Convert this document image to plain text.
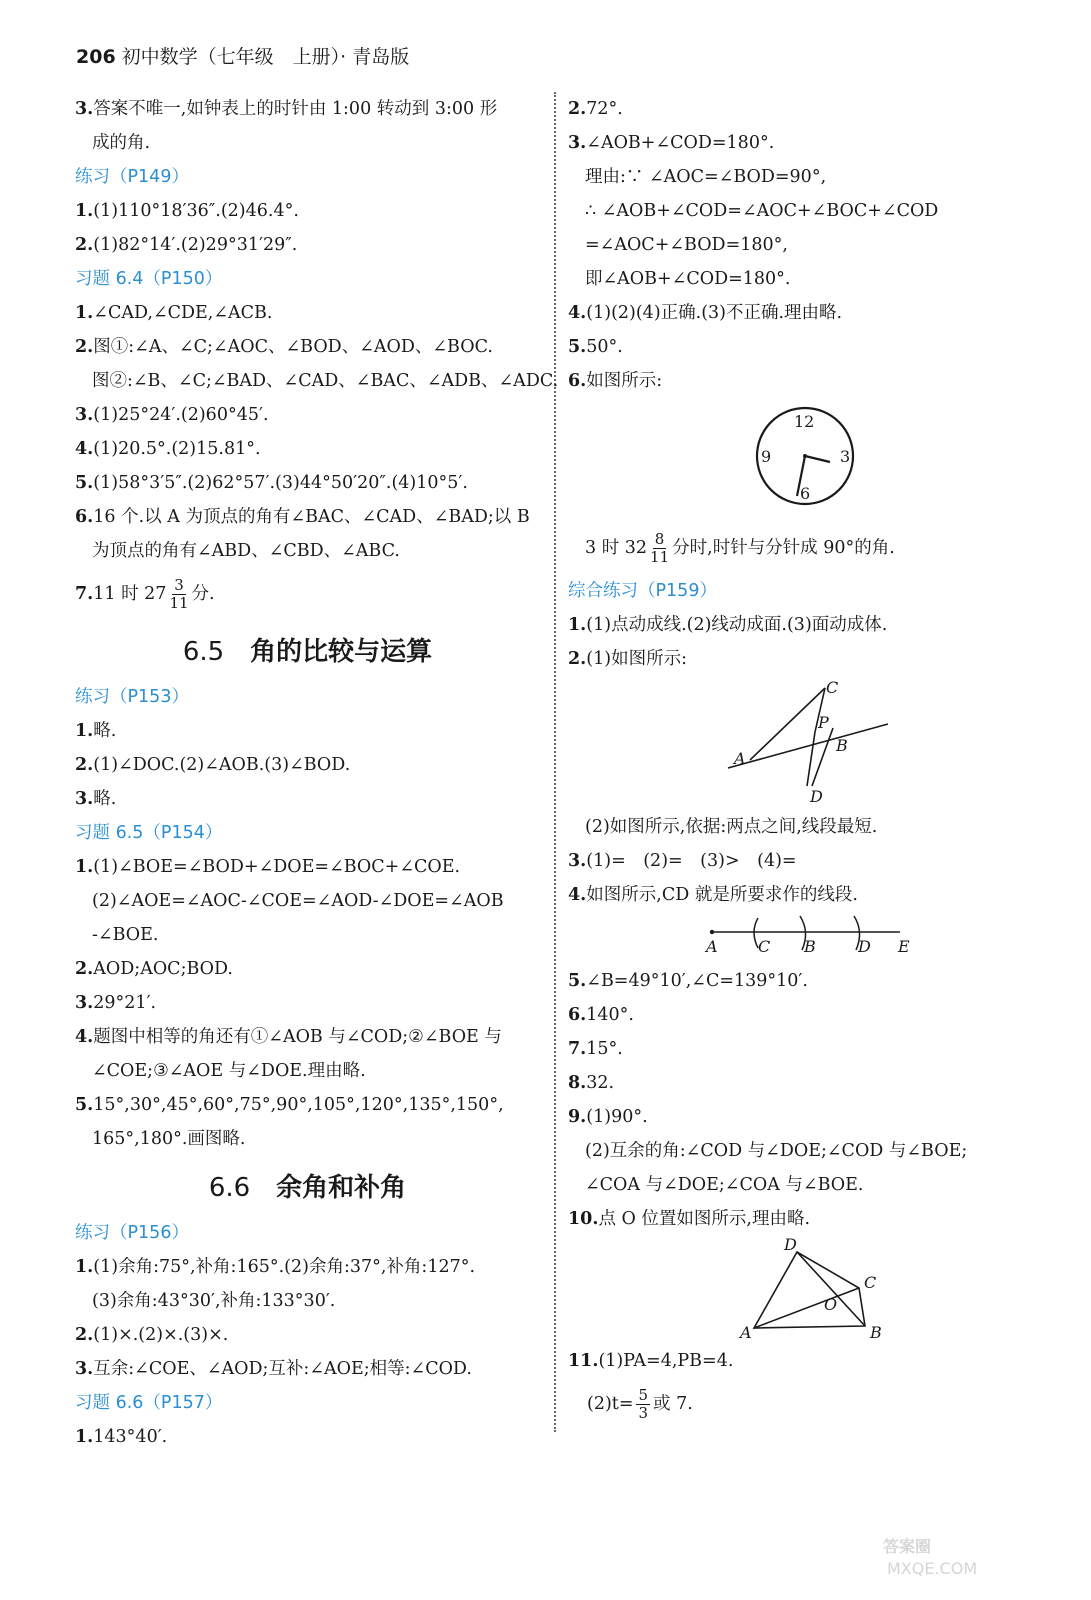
206 初中数学（七年级　上册）· 青岛版
3.答案不唯一,如钟表上的时针由 1:00 转动到 3:00 形
成的角.
练习（P149）
1.(1)110°18′36″.(2)46.4°.
2.(1)82°14′.(2)29°31′29″.
习题 6.4（P150）
1.∠CAD,∠CDE,∠ACB.
2.图①:∠A、∠C;∠AOC、∠BOD、∠AOD、∠BOC.
图②:∠B、∠C;∠BAD、∠CAD、∠BAC、∠ADB、∠ADC.
3.(1)25°24′.(2)60°45′.
4.(1)20.5°.(2)15.81°.
5.(1)58°3′5″.(2)62°57′.(3)44°50′20″.(4)10°5′.
6.16 个.以 A 为顶点的角有∠BAC、∠CAD、∠BAD;以 B
为顶点的角有∠ABD、∠CBD、∠ABC.
7.11 时 $27 \frac{3}{11}$ 分.
6.5 角的比较与运算
练习（P153）
1.略.
2.(1)∠DOC.(2)∠AOB.(3)∠BOD.
3.略.
习题 6.5（P154）
1.(1)∠BOE=∠BOD+∠DOE=∠BOC+∠COE.
(2)∠AOE=∠AOC-∠COE=∠AOD-∠DOE=∠AOB
-∠BOE.
2.AOD;AOC;BOD.
3.29°21′.
4.题图中相等的角还有①∠AOB 与∠COD;②∠BOE 与
∠COE;③∠AOE 与∠DOE.理由略.
5.15°,30°,45°,60°,75°,90°,105°,120°,135°,150°,
165°,180°.画图略.
6.6 余角和补角
练习（P156）
1.(1)余角:75°,补角:165°.(2)余角:37°,补角:127°.
(3)余角:43°30′,补角:133°30′.
2.(1)×.(2)×.(3)×.
3.互余:∠COE、∠AOD;互补:∠AOE;相等:∠COD.
习题 6.6（P157）
1.143°40′.
2.72°.
3.∠AOB+∠COD=180°.
理由:∵ ∠AOC=∠BOD=90°,
∴ ∠AOB+∠COD=∠AOC+∠BOC+∠COD
=∠AOC+∠BOD=180°,
即∠AOB+∠COD=180°.
4.(1)(2)(4)正确.(3)不正确.理由略.
5.50°.
6.如图所示:
12
3
6
9
3 时 $32 \frac{8}{11}$ 分时,时针与分针成 90°的角.
综合练习（P159）
1.(1)点动成线.(2)线动成面.(3)面动成体.
2.(1)如图所示:
C
P
B
A
D
(2)如图所示,依据:两点之间,线段最短.
3.(1)=　(2)=　(3)>　(4)=
4.如图所示,CD 就是所要求作的线段.
A	C B	D E
5.∠B=49°10′,∠C=139°10′.
6.140°.
7.15°.
8.32.
9.(1)90°.
(2)互余的角:∠COD 与∠DOE;∠COD 与∠BOE;
∠COA 与∠DOE;∠COA 与∠BOE.
10.点 O 位置如图所示,理由略.
D
C
O
A	B
11.(1)PA=4,PB=4.
$(2)t= \frac{5}{3}$ 或 7.
答案圈
MXQE.COM
